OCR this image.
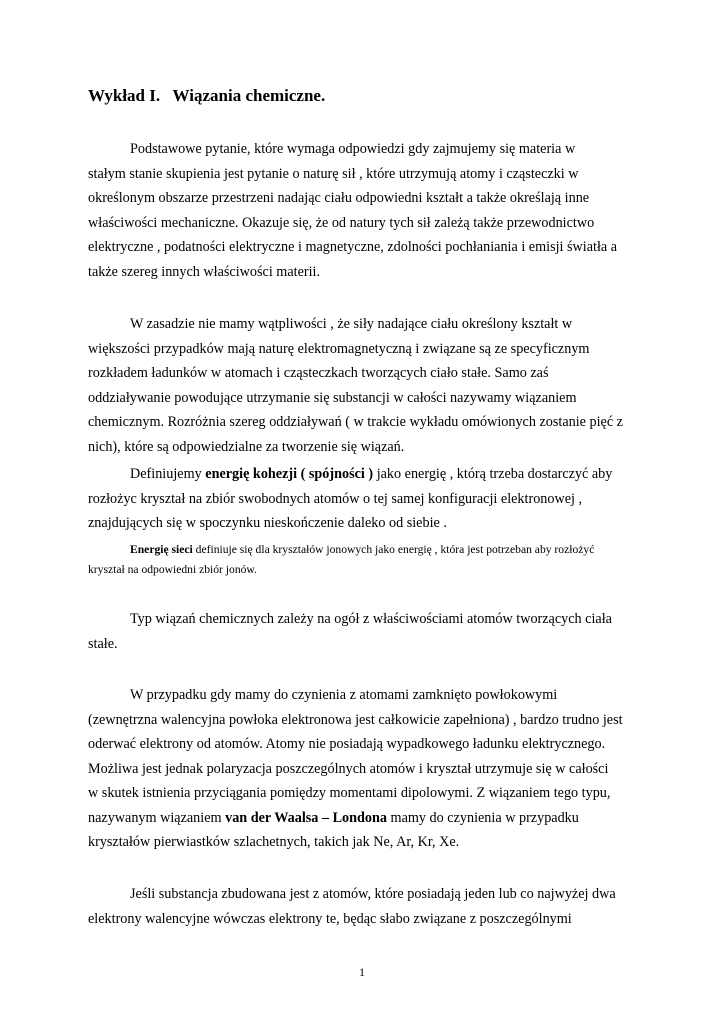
Wykład I.   Wiązania chemiczne.

Podstawowe pytanie, które wymaga odpowiedzi gdy zajmujemy się materia w
stałym stanie skupienia jest pytanie o naturę sił , które utrzymują atomy i cząsteczki w
określonym obszarze przestrzeni nadając ciału odpowiedni kształt a także określają inne
właściwości mechaniczne. Okazuje się, że od natury tych sił zależą także przewodnictwo
elektryczne , podatności elektryczne i magnetyczne, zdolności pochłaniania i emisji światła a
także szereg innych właściwości materii.

W zasadzie nie mamy wątpliwości , że siły nadające ciału określony kształt w
większości przypadków mają naturę elektromagnetyczną i związane są ze specyficznym
rozkładem ładunków w atomach i cząsteczkach tworzących ciało stałe. Samo zaś
oddziaływanie powodujące utrzymanie się substancji w całości nazywamy wiązaniem
chemicznym. Rozróżnia szereg oddziaływań ( w trakcie wykładu omówionych zostanie pięć z
nich), które są odpowiedzialne za tworzenie się wiązań.

Definiujemy energię kohezji ( spójności ) jako energię , którą trzeba dostarczyć aby
rozłożyc kryształ na zbiór swobodnych atomów o tej samej konfiguracji elektronowej ,
znajdujących się w spoczynku nieskończenie daleko od siebie .

Energię sieci definiuje się dla kryształów jonowych jako energię , która jest potrzeban aby rozłożyć
kryształ na odpowiedni zbiór jonów.

Typ wiązań chemicznych zależy na ogół z właściwościami atomów tworzących ciała
stałe.

W przypadku gdy mamy do czynienia z atomami zamknięto powłokowymi
(zewnętrzna walencyjna powłoka elektronowa jest całkowicie zapełniona) , bardzo trudno jest
oderwać elektrony od atomów. Atomy nie posiadają wypadkowego ładunku elektrycznego.
Możliwa jest jednak polaryzacja poszczególnych atomów i kryształ utrzymuje się w całości
w skutek istnienia przyciągania pomiędzy momentami dipolowymi. Z wiązaniem tego typu,
nazywanym wiązaniem van der Waalsa – Londona mamy do czynienia w przypadku
kryształów pierwiastków szlachetnych, takich jak Ne, Ar, Kr, Xe.

Jeśli substancja zbudowana jest z atomów, które posiadają jeden lub co najwyżej dwa
elektrony walencyjne wówczas elektrony te, będąc słabo związane z poszczególnymi

1
